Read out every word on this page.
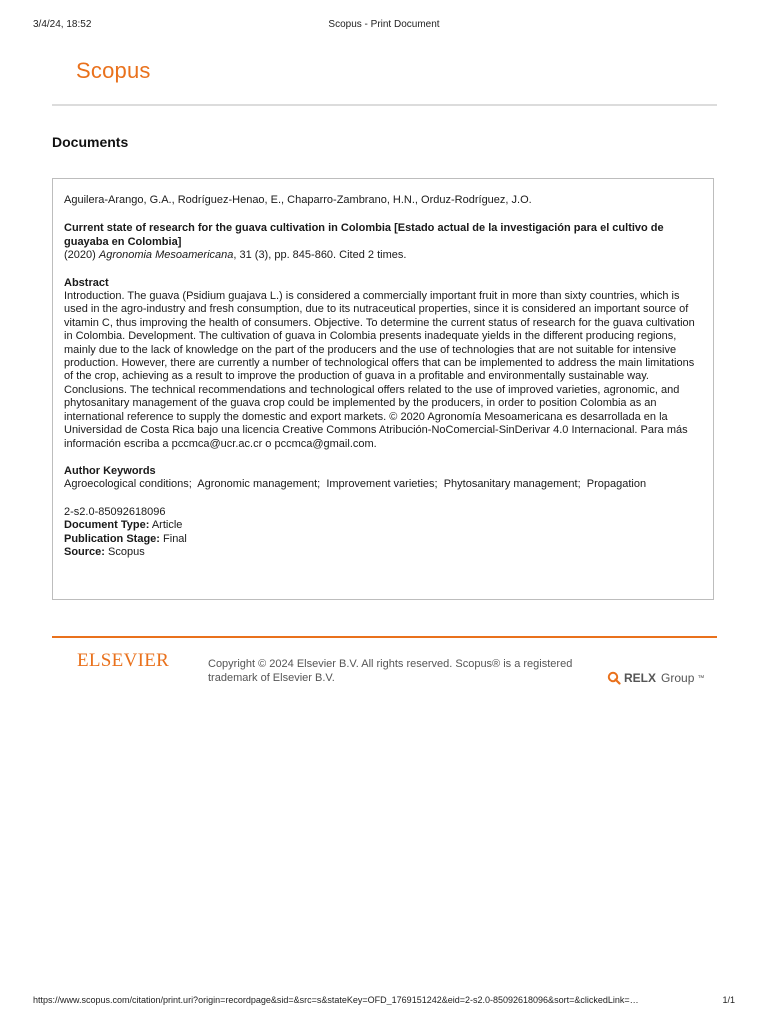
3/4/24, 18:52	Scopus - Print Document
Scopus
Documents

Aguilera-Arango, G.A., Rodríguez-Henao, E., Chaparro-Zambrano, H.N., Orduz-Rodríguez, J.O.

Current state of research for the guava cultivation in Colombia [Estado actual de la investigación para el cultivo de guayaba en Colombia]

(2020) Agronomia Mesoamericana, 31 (3), pp. 845-860. Cited 2 times.

Abstract

Introduction. The guava (Psidium guajava L.) is considered a commercially important fruit in more than sixty countries, which is used in the agro-industry and fresh consumption, due to its nutraceutical properties, since it is considered an important source of vitamin C, thus improving the health of consumers. Objective. To determine the current status of research for the guava cultivation in Colombia. Development. The cultivation of guava in Colombia presents inadequate yields in the different producing regions, mainly due to the lack of knowledge on the part of the producers and the use of technologies that are not suitable for intensive production. However, there are currently a number of technological offers that can be implemented to address the main limitations of the crop, achieving as a result to improve the production of guava in a profitable and environmentally sustainable way. Conclusions. The technical recommendations and technological offers related to the use of improved varieties, agronomic, and phytosanitary management of the guava crop could be implemented by the producers, in order to position Colombia as an international reference to supply the domestic and export markets. © 2020 Agronomía Mesoamericana es desarrollada en la Universidad de Costa Rica bajo una licencia Creative Commons Atribución-NoComercial-SinDerivar 4.0 Internacional. Para más información escriba a pccmca@ucr.ac.cr o pccmca@gmail.com.

Author Keywords

Agroecological conditions;  Agronomic management;  Improvement varieties;  Phytosanitary management;  Propagation

2-s2.0-85092618096

Document Type: Article

Publication Stage: Final

Source: Scopus

ELSEVIER	Copyright © 2024 Elsevier B.V. All rights reserved. Scopus® is a registered trademark of Elsevier B.V.	RELX Group ™
https://www.scopus.com/citation/print.uri?origin=recordpage&sid=&src=s&stateKey=OFD_1769151242&eid=2-s2.0-85092618096&sort=&clickedLink=…	1/1
